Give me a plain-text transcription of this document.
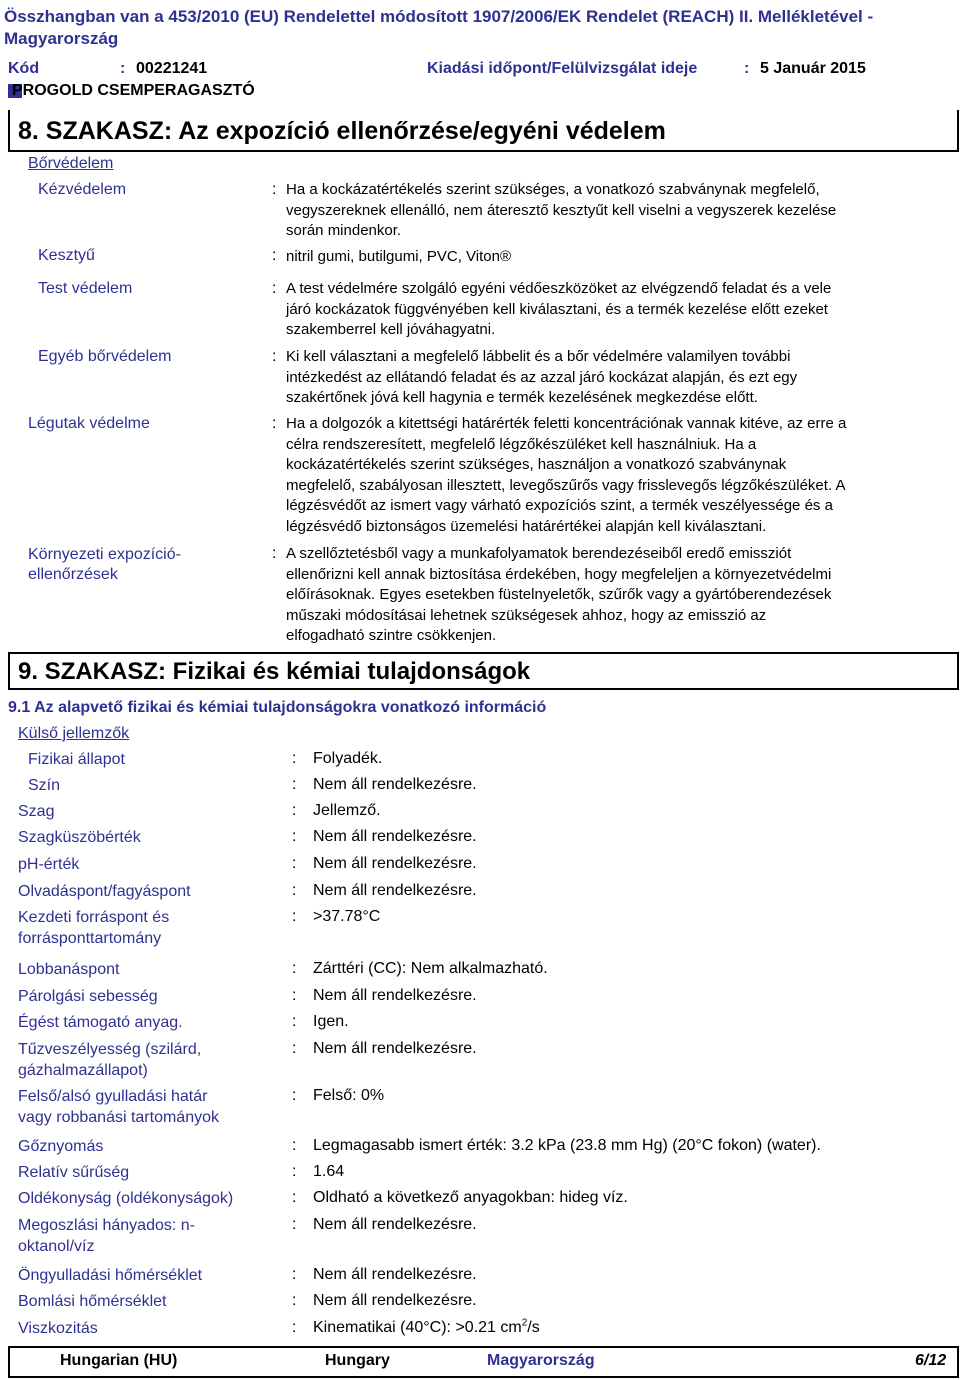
Összhangban van a 453/2010 (EU) Rendelettel módosított 1907/2006/EK Rendelet (REACH) II. Mellékletével - Magyarország
Kód	: 00221241	Kiadási időpont/Felülvizsgálat ideje	: 5 Január 2015
PROGOLD CSEMPERAGASZTÓ
8. SZAKASZ: Az expozíció ellenőrzése/egyéni védelem
Bőrvédelem
Kézvédelem	: Ha a kockázatértékelés szerint szükséges, a vonatkozó szabványnak megfelelő,
vegyszereknek ellenálló, nem áteresztő kesztyűt kell viselni a vegyszerek kezelése
során mindenkor.
Kesztyű	: nitril gumi, butilgumi, PVC, Viton®
Test védelem	: A test védelmére szolgáló egyéni védőeszközöket az elvégzendő feladat és a vele
járó kockázatok függvényében kell kiválasztani, és a termék kezelése előtt ezeket
szakemberrel kell jóváhagyatni.
Egyéb bőrvédelem	: Ki kell választani a megfelelő lábbelit és a bőr védelmére valamilyen további
intézkedést az ellátandó feladat és az azzal járó kockázat alapján, és ezt egy
szakértőnek jóvá kell hagynia e termék kezelésének megkezdése előtt.
Légutak védelme	: Ha a dolgozók a kitettségi határérték feletti koncentrációnak vannak kitéve, az erre a
célra rendszeresített, megfelelő légzőkészüléket kell használniuk. Ha a
kockázatértékelés szerint szükséges, használjon a vonatkozó szabványnak
megfelelő, szabályosan illesztett, levegőszűrős vagy frisslevegős légzőkészüléket. A
légzésvédőt az ismert vagy várható expozíciós szint, a termék veszélyessége és a
légzésvédő biztonságos üzemelési határértékei alapján kell kiválasztani.
Környezeti expozíció-
ellenőrzések
: A szellőztetésből vagy a munkafolyamatok berendezéseiből eredő emissziót
ellenőrizni kell annak biztosítása érdekében, hogy megfeleljen a környezetvédelmi
előírásoknak. Egyes esetekben füstelnyeletők, szűrők vagy a gyártóberendezések
műszaki módosításai lehetnek szükségesek ahhoz, hogy az emisszió az
elfogadható szintre csökkenjen.
9. SZAKASZ: Fizikai és kémiai tulajdonságok
9.1 Az alapvető fizikai és kémiai tulajdonságokra vonatkozó információ
Külső jellemzők
Fizikai állapot	: Folyadék.
Szín	: Nem áll rendelkezésre.
Szag	: Jellemző.
Szagküszöbérték	: Nem áll rendelkezésre.
pH-érték	: Nem áll rendelkezésre.
Olvadáspont/fagyáspont	: Nem áll rendelkezésre.
Kezdeti forráspont és
forrásponttartomány
: >37.78°C
Lobbanáspont	: Zárttéri (CC): Nem alkalmazható.
Párolgási sebesség	: Nem áll rendelkezésre.
Égést támogató anyag.	: Igen.
Tűzveszélyesség (szilárd,
gázhalmazállapot)
: Nem áll rendelkezésre.
Felső/alsó gyulladási határ
vagy robbanási tartományok
: Felső: 0%
Gőznyomás	: Legmagasabb ismert érték: 3.2 kPa (23.8 mm Hg) (20°C fokon) (water).
Relatív sűrűség	: 1.64
Oldékonyság (oldékonyságok)	: Oldható a következő anyagokban: hideg víz.
Megoszlási hányados: n-
oktanol/víz
: Nem áll rendelkezésre.
Öngyulladási hőmérséklet	: Nem áll rendelkezésre.
Bomlási hőmérséklet	: Nem áll rendelkezésre.
Viszkozitás	: Kinematikai (40°C): >0.21 $cm^2/s$
Hungarian (HU)	Hungary	Magyarország	6/12
